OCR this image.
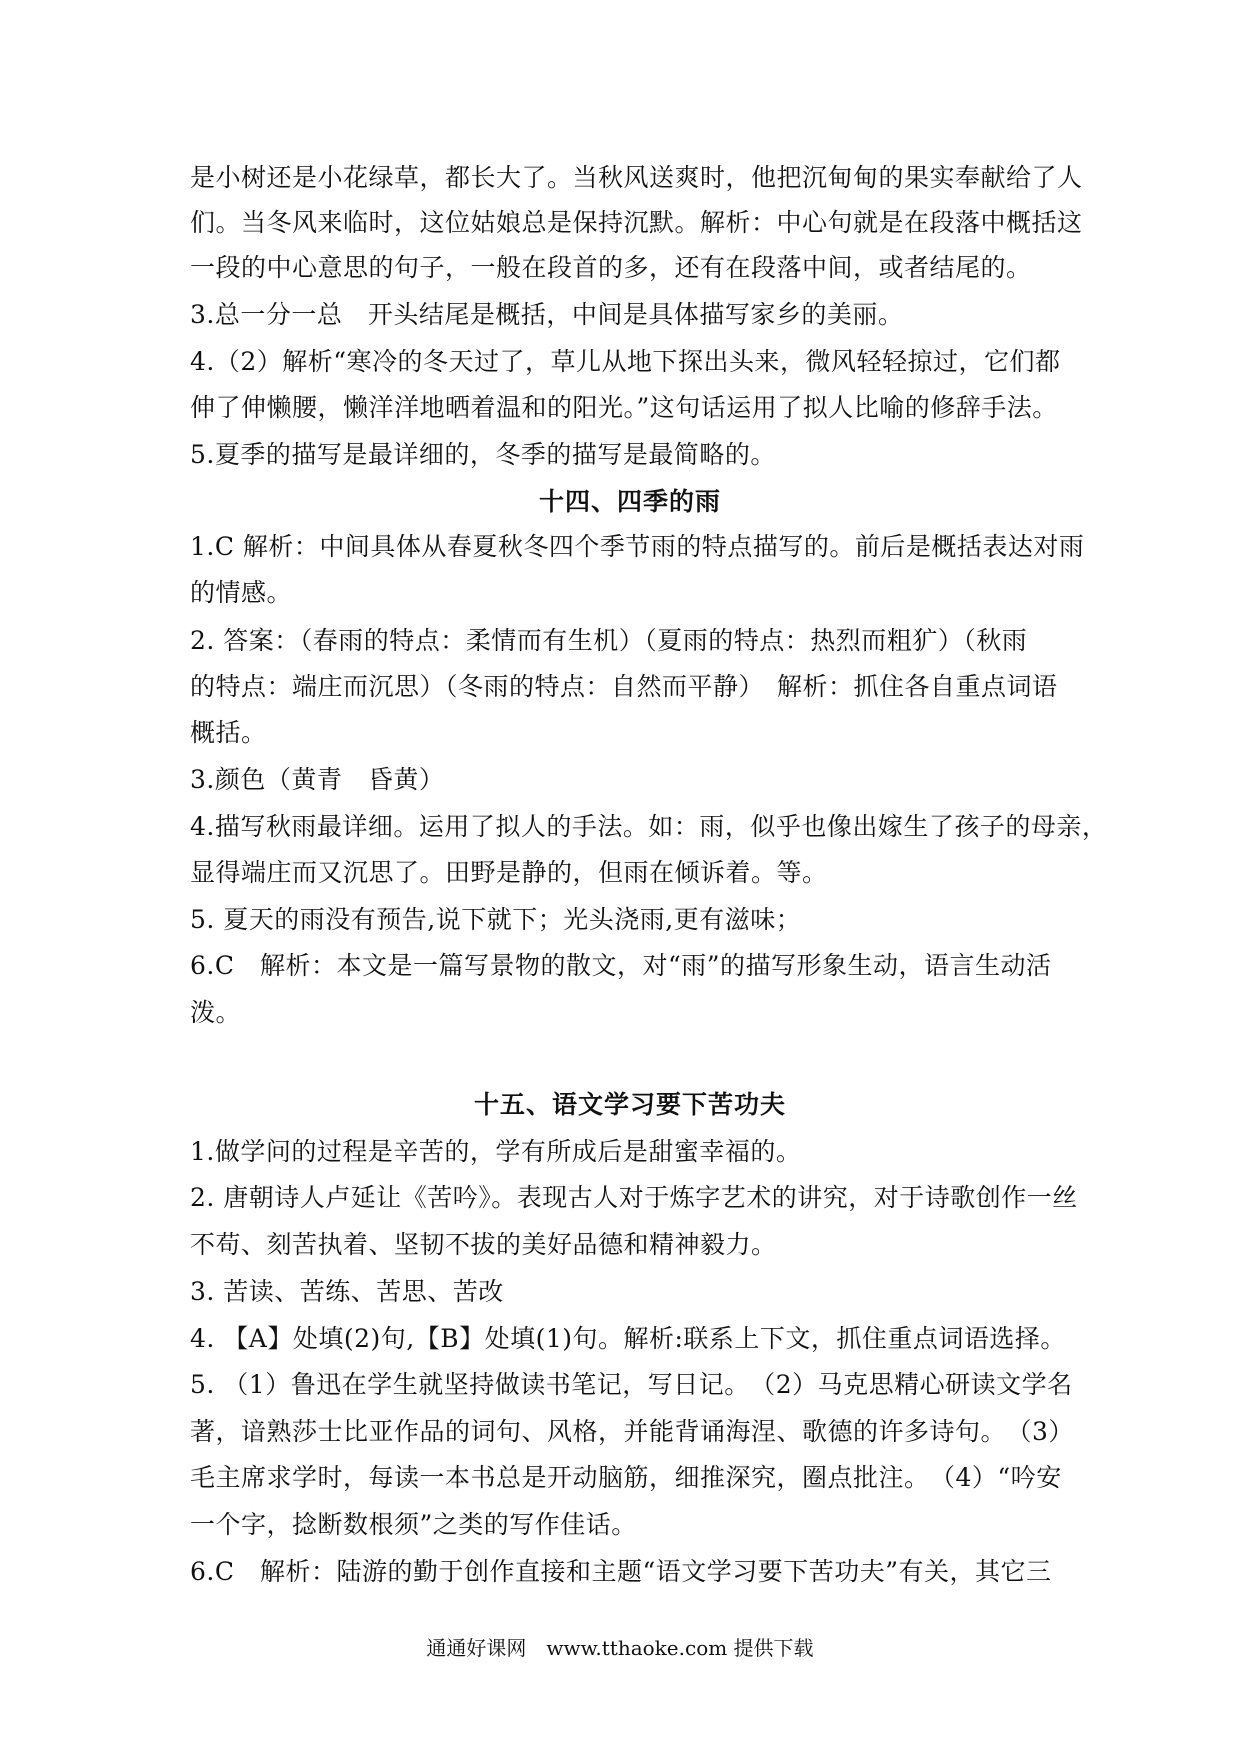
是小树还是小花绿草，都长大了。当秋风送爽时，他把沉甸甸的果实奉献给了人
们。当冬风来临时，这位姑娘总是保持沉默。解析：中心句就是在段落中概括这
一段的中心意思的句子，一般在段首的多，还有在段落中间，或者结尾的。
3.总一分一总　开头结尾是概括，中间是具体描写家乡的美丽。
4.（2）解析“寒冷的冬天过了，草儿从地下探出头来，微风轻轻掠过，它们都
伸了伸懒腰，懒洋洋地晒着温和的阳光。”这句话运用了拟人比喻的修辞手法。
5.夏季的描写是最详细的，冬季的描写是最简略的。
十四、四季的雨
1.C 解析：中间具体从春夏秋冬四个季节雨的特点描写的。前后是概括表达对雨
的情感。
2. 答案：（春雨的特点：柔情而有生机）（夏雨的特点：热烈而粗犷）（秋雨
的特点：端庄而沉思）（冬雨的特点：自然而平静）　解析：抓住各自重点词语
概括。
3.颜色（黄青　昏黄）
4.描写秋雨最详细。运用了拟人的手法。如：雨，似乎也像出嫁生了孩子的母亲，
显得端庄而又沉思了。田野是静的，但雨在倾诉着。等。
5. 夏天的雨没有预告,说下就下；光头浇雨,更有滋味；
6.C　解析：本文是一篇写景物的散文，对“雨”的描写形象生动，语言生动活
泼。
十五、语文学习要下苦功夫
1.做学问的过程是辛苦的，学有所成后是甜蜜幸福的。
2. 唐朝诗人卢延让《苦吟》。表现古人对于炼字艺术的讲究，对于诗歌创作一丝
不苟、刻苦执着、坚韧不拔的美好品德和精神毅力。
3. 苦读、苦练、苦思、苦改
4. 【A】处填(2)句,【B】处填(1)句。解析:联系上下文，抓住重点词语选择。
5. （1）鲁迅在学生就坚持做读书笔记，写日记。　（2）马克思精心研读文学名
著，谙熟莎士比亚作品的词句、风格，并能背诵海涅、歌德的许多诗句。　（3）
毛主席求学时，每读一本书总是开动脑筋，细推深究，圈点批注。　（4）“吟安
一个字，捻断数根须”之类的写作佳话。
6.C　解析：陆游的勤于创作直接和主题“语文学习要下苦功夫”有关，其它三
通通好课网　www.tthaoke.com 提供下载
